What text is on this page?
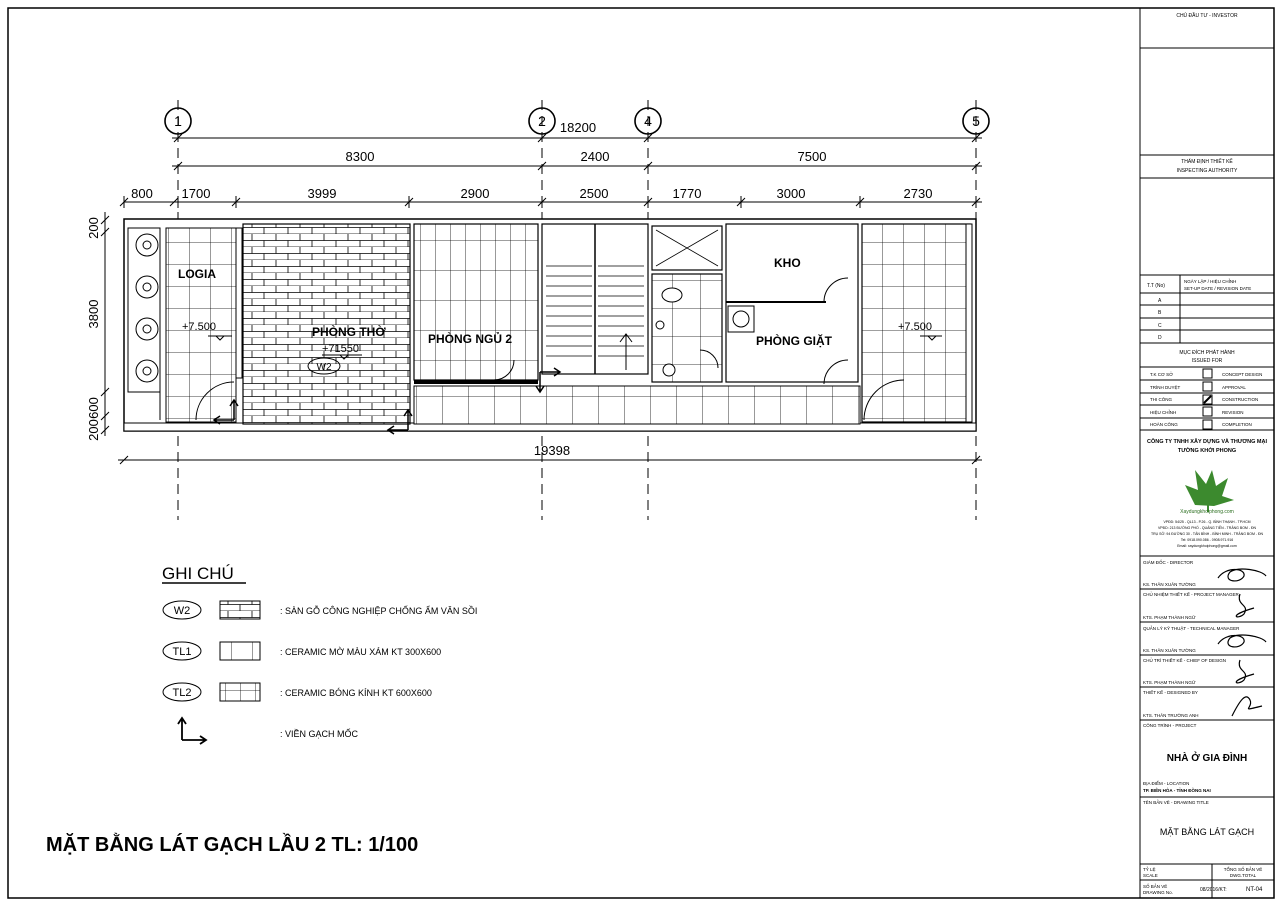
1	2	4	5
18200
8300	2400	7500
800 1700	3999	2900	2500	1770	3000	2730
19398
200
3800
600
200
LOGIA
PHÒNG THỜ	PHÒNG NGỦ 2
KHO
PHÒNG GIẶT
+7.500
+71550
+7.500
W2
GHI CHÚ
W2	: SÀN GỖ CÔNG NGHIỆP CHỐNG ẨM VÂN SỒI
TL1	: CERAMIC MỜ MÀU XÁM KT 300X600
TL2	: CERAMIC BÓNG KÍNH KT 600X600
: VIỀN GẠCH MỐC
MẶT BẰNG LÁT GẠCH LẦU 2 TL: 1/100
CHỦ ĐẦU TƯ - INVESTOR
THẨM ĐỊNH THIẾT KẾ
INSPECTING AUTHORITY
T.T (No)
NGÀY LẬP / HIỆU CHỈNH
SET-UP DATE / REVISION DATE
A
B
C
D
MỤC ĐÍCH PHÁT HÀNH
ISSUED FOR
T.K CƠ SỞ	CONCEPT DESIGN
TRÌNH DUYỆT	APPROVAL
THI CÔNG	CONSTRUCTION
HIỆU CHỈNH	REVISION
HOÀN CÔNG	COMPLETION
CÔNG TY TNHH XÂY DỰNG VÀ THƯƠNG MẠI
TƯỜNG KHỞI PHONG
Xaydungkhoiphong.com
VPĐD: 54/25 - QL13 - P.26 - Q. BÌNH THẠNH - TP.HCM
VPĐD: 213 ĐƯỜNG PHỐ - QUẢNG TIẾN - TRẢNG BOM - ĐN
TRỤ SỞ: 94 ĐƯỜNG 30 - TÂN BÌNH - BÌNH MINH - TRẢNG BOM - ĐN
Tel: 0918.090.086 - 0908.971.916
Email: xaydungkhoiphong@gmail.com
GIÁM ĐỐC - DIRECTOR
KS. THÂN XUÂN TƯỜNG
CHỦ NHIỆM THIẾT KẾ - PROJECT MANAGER
KTS. PHẠM THÀNH NGỮ
QUẢN LÝ KỸ THUẬT - TECHNICAL MANAGER
KS. THÂN XUÂN TƯỜNG
CHỦ TRÌ THIẾT KẾ - CHIEF OF DESIGN
KTS. PHẠM THÀNH NGỮ
THIẾT KẾ - DESIGNED BY
KTS. THÂN TRƯỜNG ANH
CÔNG TRÌNH - PROJECT
NHÀ Ở GIA ĐÌNH
ĐỊA ĐIỂM - LOCATION
TP. BIÊN HÒA - TỈNH ĐỒNG NAI
TÊN BẢN VẼ - DRAWING TITLE
MẶT BẰNG LÁT GẠCH
TỶ LỆ
SCALE
TỔNG SỐ BẢN VẼ
DWG.TOTAL
SỐ BẢN VẼ
DRAWING No.	08/2016/KT:	NT-04
